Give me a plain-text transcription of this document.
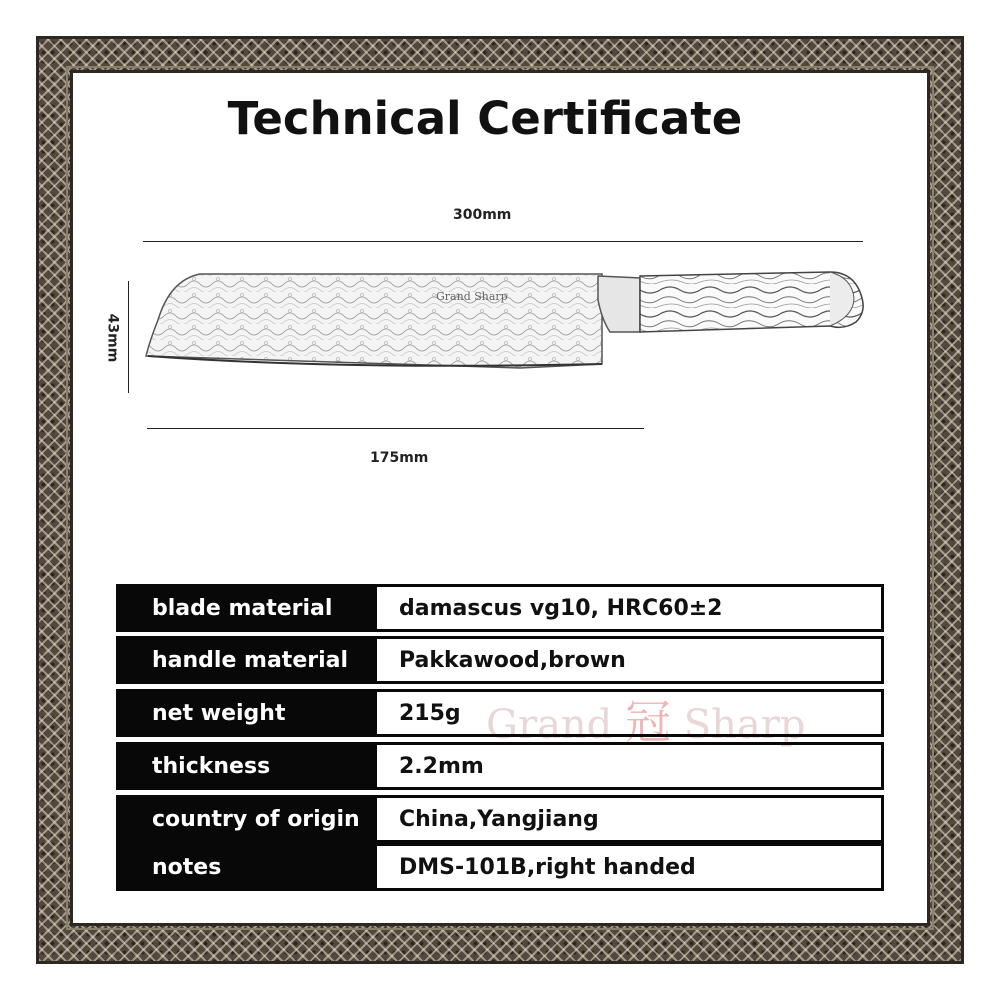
Technical Certificate
300mm
43mm
Grand Sharp
175mm
Grand 冠 Sharp
blade material	damascus vg10, HRC60±2
handle material	Pakkawood,brown
net weight	215g
thickness	2.2mm
country of origin	China,Yangjiang
notes	DMS-101B,right handed
